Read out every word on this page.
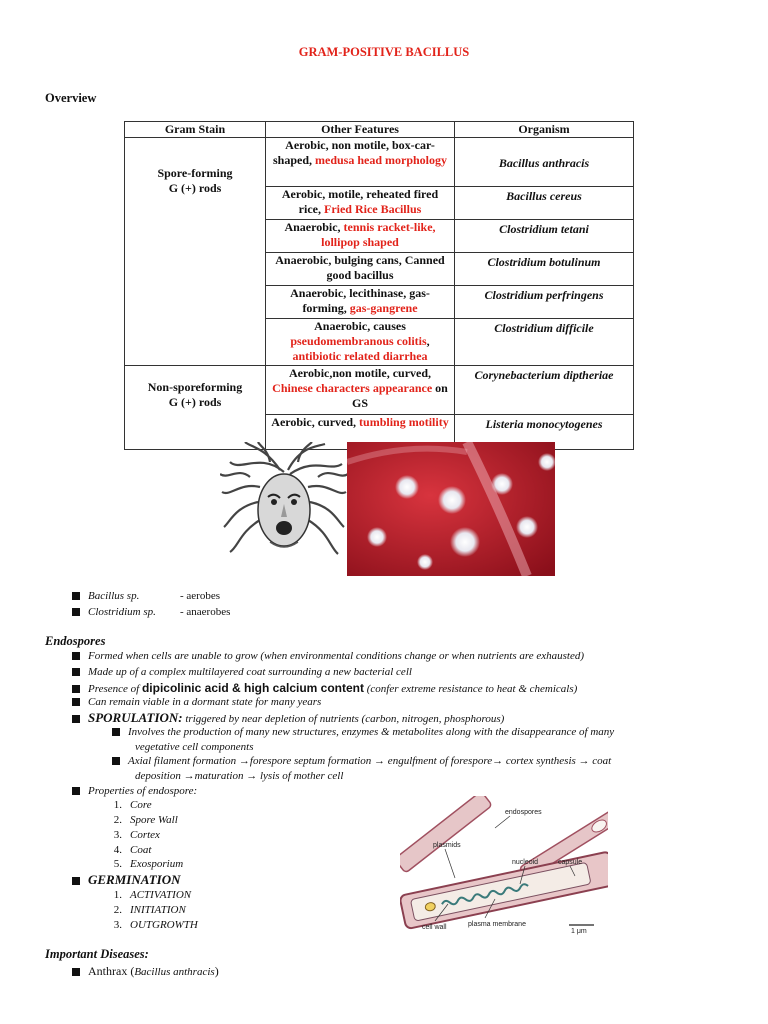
GRAM-POSITIVE BACILLUS
Overview
Gram Stain	Other Features	Organism
Spore-forming
G (+) rods	Aerobic, non motile, box-car-shaped, medusa head morphology	Bacillus anthracis
	Aerobic, motile, reheated fired rice, Fried Rice Bacillus	Bacillus cereus
	Anaerobic, tennis racket-like, lollipop shaped	Clostridium tetani
	Anaerobic, bulging cans, Canned good bacillus	Clostridium botulinum
	Anaerobic, lecithinase, gas-forming, gas-gangrene	Clostridium perfringens
	Anaerobic, causes pseudomembranous colitis, antibiotic related diarrhea	Clostridium difficile
Non-sporeforming
G (+) rods	Aerobic,non motile, curved, Chinese characters appearance on GS	Corynebacterium diptheriae
	Aerobic, curved, tumbling motility	Listeria monocytogenes
Bacillus sp.	- aerobes
Clostridium sp. - anaerobes
Endospores
Formed when cells are unable to grow (when environmental conditions change or when nutrients are exhausted)
Made up of a complex multilayered coat surrounding a new bacterial cell
Presence of dipicolinic acid & high calcium content (confer extreme resistance to heat & chemicals)
Can remain viable in a dormant state for many years
SPORULATION: triggered by near depletion of nutrients (carbon, nitrogen, phosphorous)
Involves the production of many new structures, enzymes & metabolites along with the disappearance of many
vegetative cell components
Axial filament formation →forespore septum formation → engulfment of forespore→ cortex synthesis → coat
deposition →maturation → lysis of mother cell
Properties of endospore:
1. Core
2. Spore Wall
3. Cortex
4. Coat
5. Exosporium
GERMINATION
1. ACTIVATION
2. INITIATION
3. OUTGROWTH
endospores
plasmids
nucleoid	capsule
cell wall	plasma membrane
1 μm
Important Diseases:
Anthrax (Bacillus anthracis)
